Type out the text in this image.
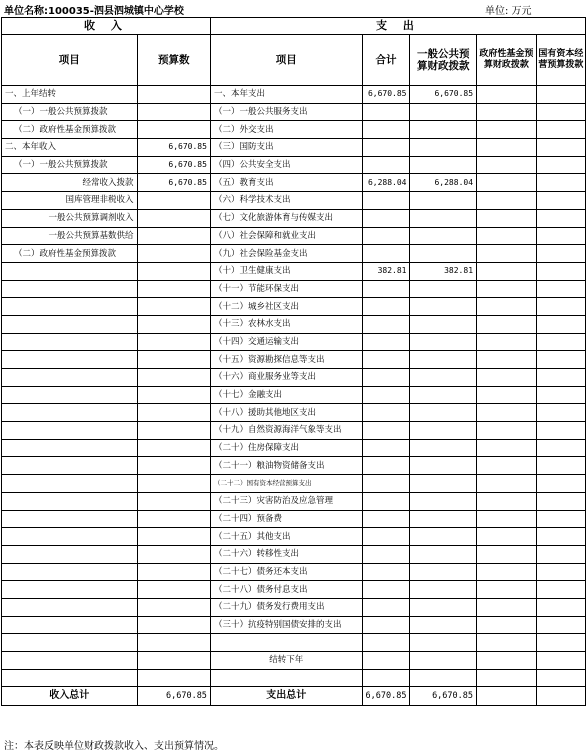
单位名称:100035-泗县泗城镇中心学校	单位: 万元
收 入		支 出				
项目	预算数	项目	合计	一般公共预算财政拨款	政府性基金预算财政拨款	国有资本经营预算拨款
一、上年结转		一、本年支出	6,670.85	6,670.85		
（一）一般公共预算拨款		（一）一般公共服务支出				
（二）政府性基金预算拨款		（二）外交支出				
二、本年收入	6,670.85	（三）国防支出				
（一）一般公共预算拨款	6,670.85	（四）公共安全支出				
经常收入拨款	6,670.85	（五）教育支出	6,288.04	6,288.04		
国库管理非税收入		（六）科学技术支出				
一般公共预算调剂收入		（七）文化旅游体育与传媒支出				
一般公共预算基数供给		（八）社会保障和就业支出				
（二）政府性基金预算拨款		（九）社会保险基金支出				
		（十）卫生健康支出	382.81	382.81		
		（十一）节能环保支出				
		（十二）城乡社区支出				
		（十三）农林水支出				
		（十四）交通运输支出				
		（十五）资源勘探信息等支出				
		（十六）商业服务业等支出				
		（十七）金融支出				
		（十八）援助其他地区支出				
		（十九）自然资源海洋气象等支出				
		（二十）住房保障支出				
		（二十一）粮油物资储备支出				
		（二十二）国有资本经营预算支出				
		（二十三）灾害防治及应急管理				
		（二十四）预备费				
		（二十五）其他支出				
		（二十六）转移性支出				
		（二十七）债务还本支出				
		（二十八）债务付息支出				
		（二十九）债务发行费用支出				
		（三十）抗疫特别国债安排的支出				

		结转下年				

收入总计	6,670.85	支出总计	6,670.85	6,670.85		
注：本表反映单位财政拨款收入、支出预算情况。
